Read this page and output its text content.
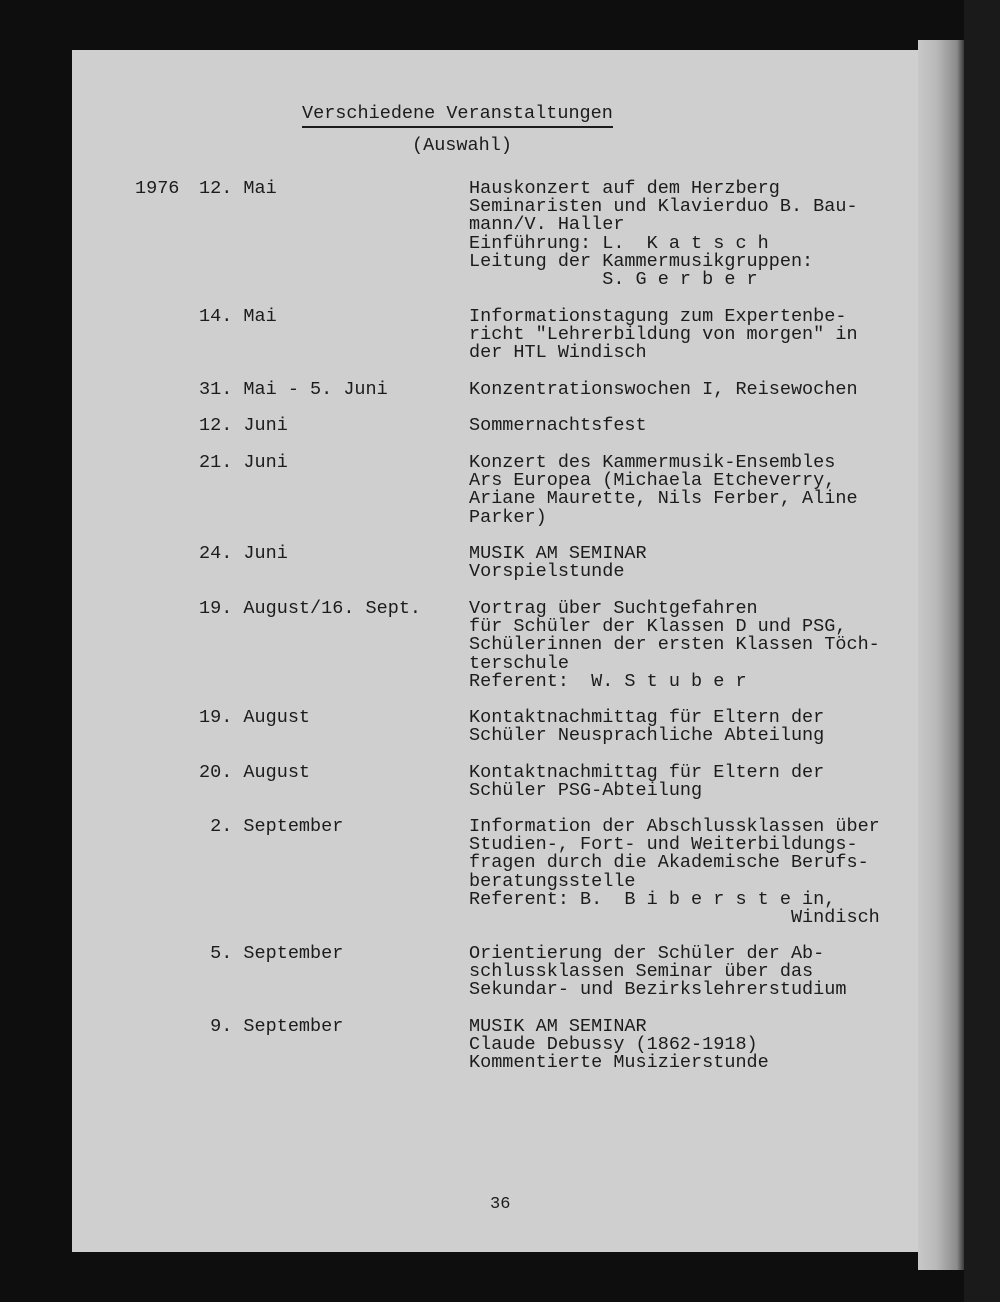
Verschiedene Veranstaltungen
(Auswahl)
1976 12. Mai	Hauskonzert auf dem Herzberg
Seminaristen und Klavierduo B. Bau-
mann/V. Haller
Einführung: L.  K a t s c h
Leitung der Kammermusikgruppen:
S. G e r b e r
14. Mai	Informationstagung zum Expertenbe-
richt "Lehrerbildung von morgen" in
der HTL Windisch
31. Mai - 5. Juni	Konzentrationswochen I, Reisewochen
12. Juni	Sommernachtsfest
21. Juni	Konzert des Kammermusik-Ensembles
Ars Europea (Michaela Etcheverry,
Ariane Maurette, Nils Ferber, Aline
Parker)
24. Juni	MUSIK AM SEMINAR
Vorspielstunde
19. August/16. Sept.	Vortrag über Suchtgefahren
für Schüler der Klassen D und PSG,
Schülerinnen der ersten Klassen Töch-
terschule
Referent:  W. S t u b e r
19. August	Kontaktnachmittag für Eltern der
Schüler Neusprachliche Abteilung
20. August	Kontaktnachmittag für Eltern der
Schüler PSG-Abteilung
2. September	Information der Abschlussklassen über
Studien-, Fort- und Weiterbildungs-
fragen durch die Akademische Berufs-
beratungsstelle
Referent: B.  B i b e r s t e in,
Windisch
5. September	Orientierung der Schüler der Ab-
schlussklassen Seminar über das
Sekundar- und Bezirkslehrerstudium
9. September	MUSIK AM SEMINAR
Claude Debussy (1862-1918)
Kommentierte Musizierstunde
36
